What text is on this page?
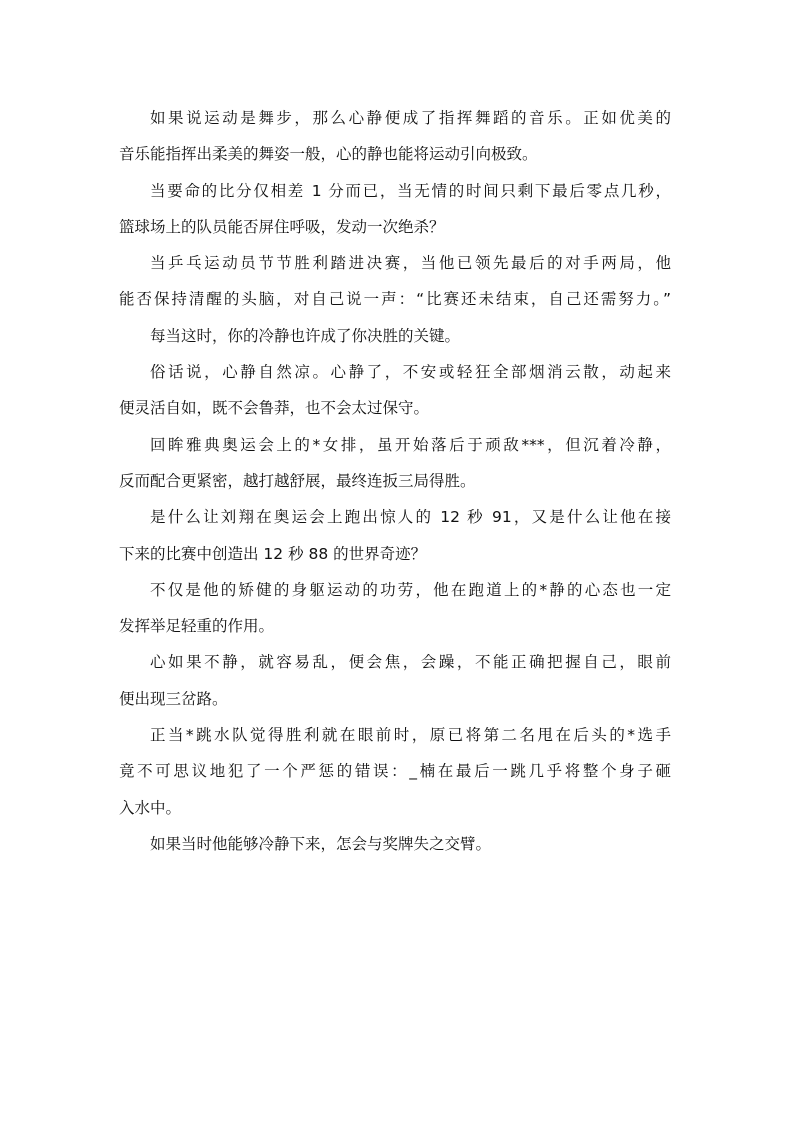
如果说运动是舞步，那么心静便成了指挥舞蹈的音乐。正如优美的
音乐能指挥出柔美的舞姿一般，心的静也能将运动引向极致。
当要命的比分仅相差 1 分而已，当无情的时间只剩下最后零点几秒，
篮球场上的队员能否屏住呼吸，发动一次绝杀？
当乒乓运动员节节胜利踏进决赛，当他已领先最后的对手两局，他
能否保持清醒的头脑，对自己说一声：“比赛还未结束，自己还需努力。”
每当这时，你的冷静也许成了你决胜的关键。
俗话说，心静自然凉。心静了，不安或轻狂全部烟消云散，动起来
便灵活自如，既不会鲁莽，也不会太过保守。
回眸雅典奥运会上的*女排，虽开始落后于顽敌***，但沉着冷静，
反而配合更紧密，越打越舒展，最终连扳三局得胜。
是什么让刘翔在奥运会上跑出惊人的 12 秒 91，又是什么让他在接
下来的比赛中创造出 12 秒 88 的世界奇迹？
不仅是他的矫健的身躯运动的功劳，他在跑道上的*静的心态也一定
发挥举足轻重的作用。
心如果不静，就容易乱，便会焦，会躁，不能正确把握自己，眼前
便出现三岔路。
正当*跳水队觉得胜利就在眼前时，原已将第二名甩在后头的*选手
竟不可思议地犯了一个严惩的错误：_楠在最后一跳几乎将整个身子砸
入水中。
如果当时他能够冷静下来，怎会与奖牌失之交臂。
